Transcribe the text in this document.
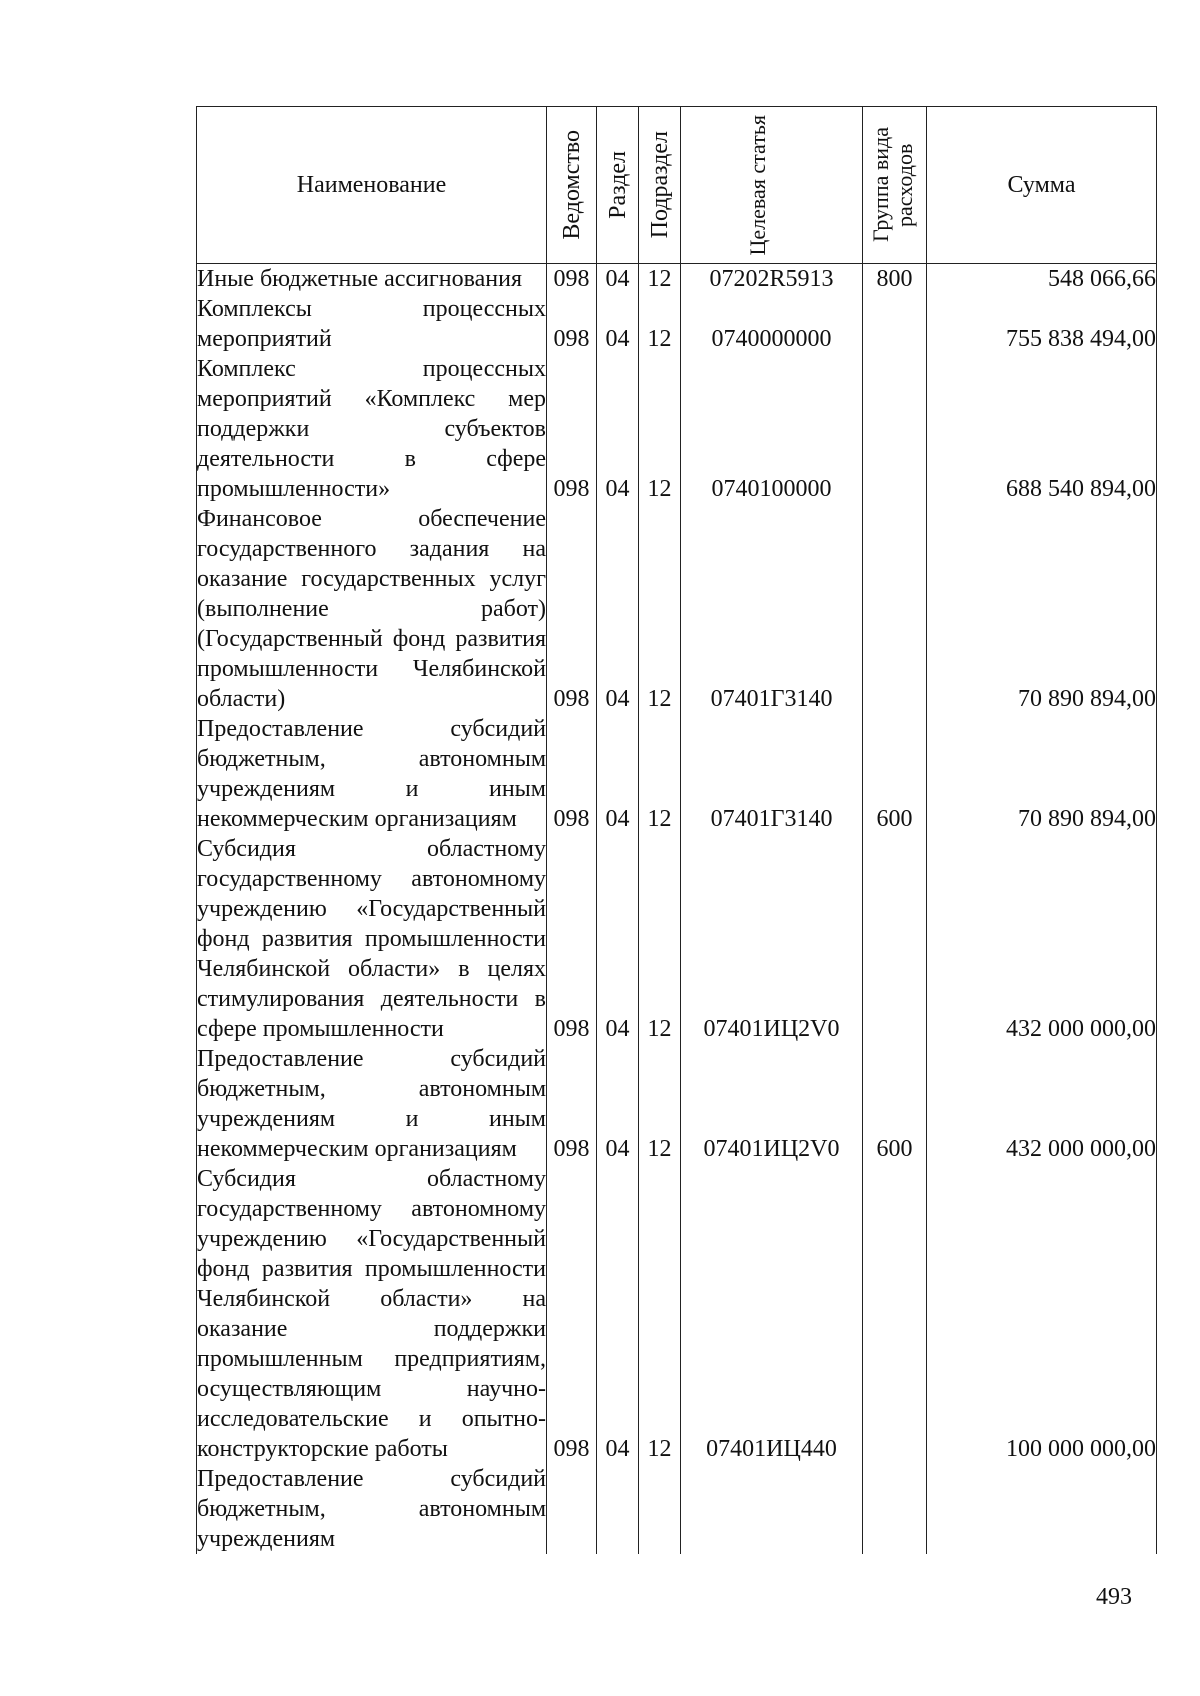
Наименование	Ведомство	Раздел	Подраздел	Целевая статья	Группа вида расходов	Сумма
Иные бюджетные ассигнования	098	04	12	07202R5913	800	548 066,66
Комплексы процессных мероприятий	098	04	12	0740000000		755 838 494,00
Комплекс процессных мероприятий «Комплекс мер поддержки субъектов деятельности в сфере промышленности»	098	04	12	0740100000		688 540 894,00
Финансовое обеспечение государственного задания на оказание государственных услуг (выполнение работ) (Государственный фонд развития промышленности Челябинской области)	098	04	12	07401Г3140		70 890 894,00
Предоставление субсидий бюджетным, автономным учреждениям и иным некоммерческим организациям	098	04	12	07401Г3140	600	70 890 894,00
Субсидия областному государственному автономному учреждению «Государственный фонд развития промышленности Челябинской области» в целях стимулирования деятельности в сфере промышленности	098	04	12	07401ИЦ2V0		432 000 000,00
Предоставление субсидий бюджетным, автономным учреждениям и иным некоммерческим организациям	098	04	12	07401ИЦ2V0	600	432 000 000,00
Субсидия областному государственному автономному учреждению «Государственный фонд развития промышленности Челябинской области» на оказание поддержки промышленным предприятиям, осуществляющим научно-исследовательские и опытно-конструкторские работы	098	04	12	07401ИЦ440		100 000 000,00
Предоставление субсидий бюджетным, автономным учреждениям						
493
